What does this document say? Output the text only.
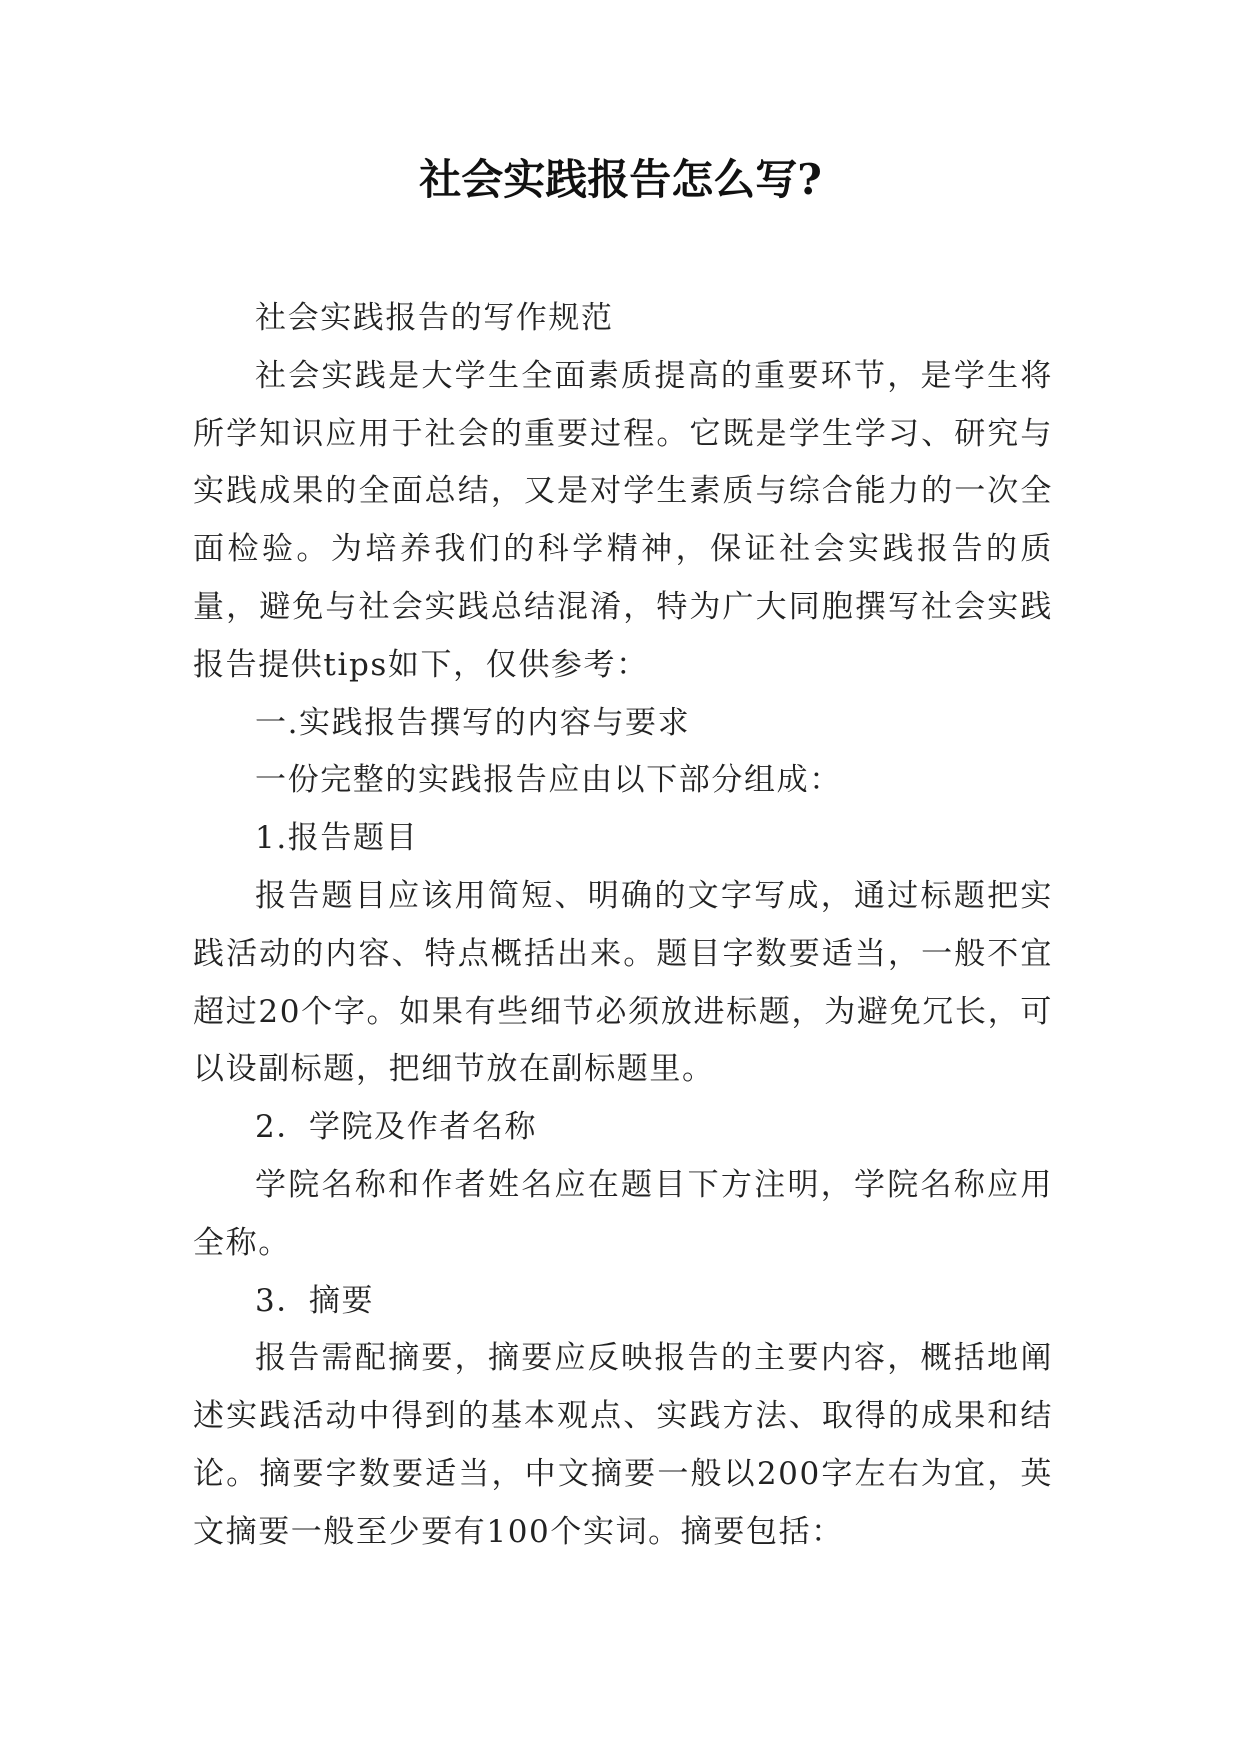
社会实践报告怎么写?

社会实践报告的写作规范

社会实践是大学生全面素质提高的重要环节，是学生将所学知识应用于社会的重要过程。它既是学生学习、研究与实践成果的全面总结，又是对学生素质与综合能力的一次全面检验。为培养我们的科学精神，保证社会实践报告的质量，避免与社会实践总结混淆，特为广大同胞撰写社会实践报告提供tips如下，仅供参考：

一.实践报告撰写的内容与要求

一份完整的实践报告应由以下部分组成：

1.报告题目

报告题目应该用简短、明确的文字写成，通过标题把实践活动的内容、特点概括出来。题目字数要适当，一般不宜超过20个字。如果有些细节必须放进标题，为避免冗长，可以设副标题，把细节放在副标题里。

2．学院及作者名称

学院名称和作者姓名应在题目下方注明，学院名称应用全称。

3．摘要

报告需配摘要，摘要应反映报告的主要内容，概括地阐述实践活动中得到的基本观点、实践方法、取得的成果和结论。摘要字数要适当，中文摘要一般以200字左右为宜，英文摘要一般至少要有100个实词。摘要包括：
